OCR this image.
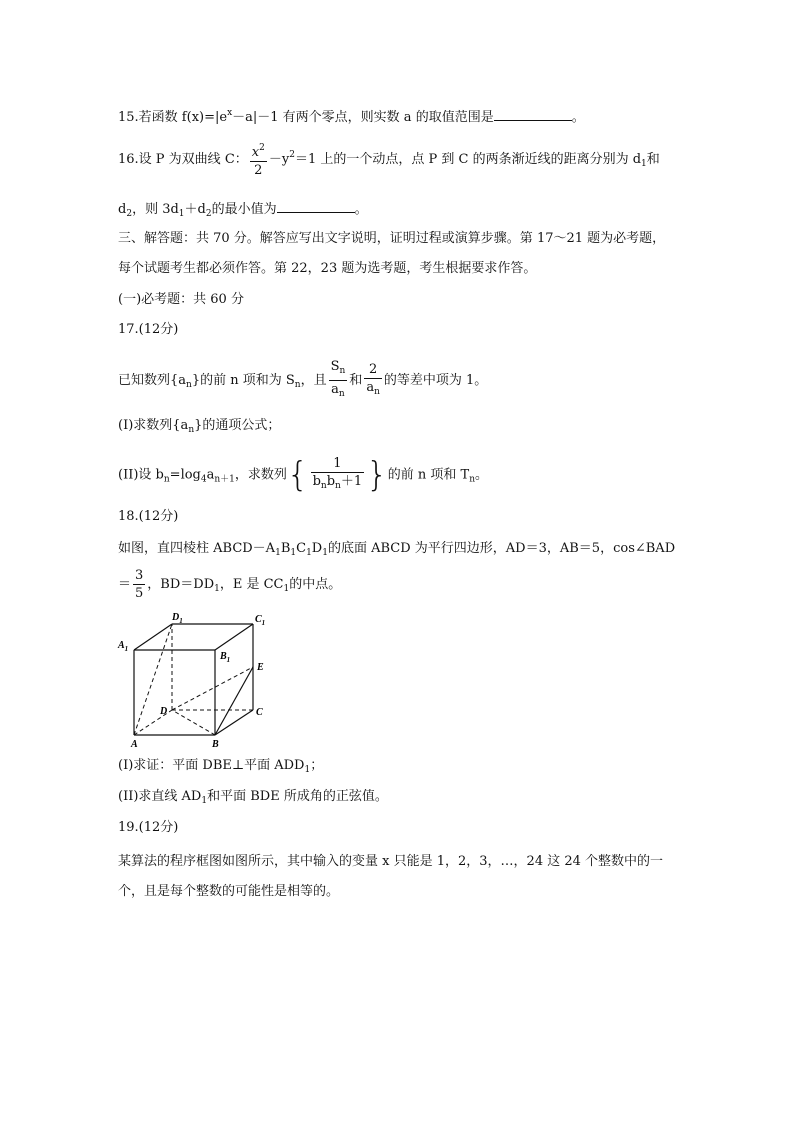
15.若函数 $f(x)=|e^x-a|-1$ 有两个零点，则实数 a 的取值范围是	。
16.设 P 为双曲线 C： $\frac{x^2}{2} -y^2=1$ 上的一个动点，点 P 到 C 的两条渐近线的距离分别为 $d_1$和
$d_2$，则 $3d_1+d_2$的最小值为	。
三、解答题：共 70 分。解答应写出文字说明，证明过程或演算步骤。第 17～21 题为必考题，
每个试题考生都必须作答。第 22，23 题为选考题，考生根据要求作答。
(一)必考题：共 60 分
17.(12分)
已知数列$\{a_n\}$的前 n 项和为 $S_n$，且 $\frac{S_n}{a_n}$ 和 $\frac{2}{a_n}$ 的等差中项为 1。
(I)求数列$\{a_n\}$的通项公式；
(II)设 $b_n=\log_4a_{n+1}$，求数列{ $\frac{1}{b_nb_n+1}$ }的前 n 项和 $T_n$。
18.(12分)
如图，直四棱柱 $ABCD-A_1B_1C_1D_1$的底面 ABCD 为平行四边形，AD＝3，AB＝5，cos∠BAD
＝ $\frac{3}{5}$ ，$BD=DD_1$，E 是 $CC_1$的中点。
$D_1$	$C_1$
$A_1$
$B_1$
E
D	C
A	B
(I)求证：平面 DBE⊥平面 $ADD_1$；
(II)求直线 $AD_1$和平面 BDE 所成角的正弦值。
19.(12分)
某算法的程序框图如图所示，其中输入的变量 x 只能是 1，2，3，…，24 这 24 个整数中的一
个，且是每个整数的可能性是相等的。
